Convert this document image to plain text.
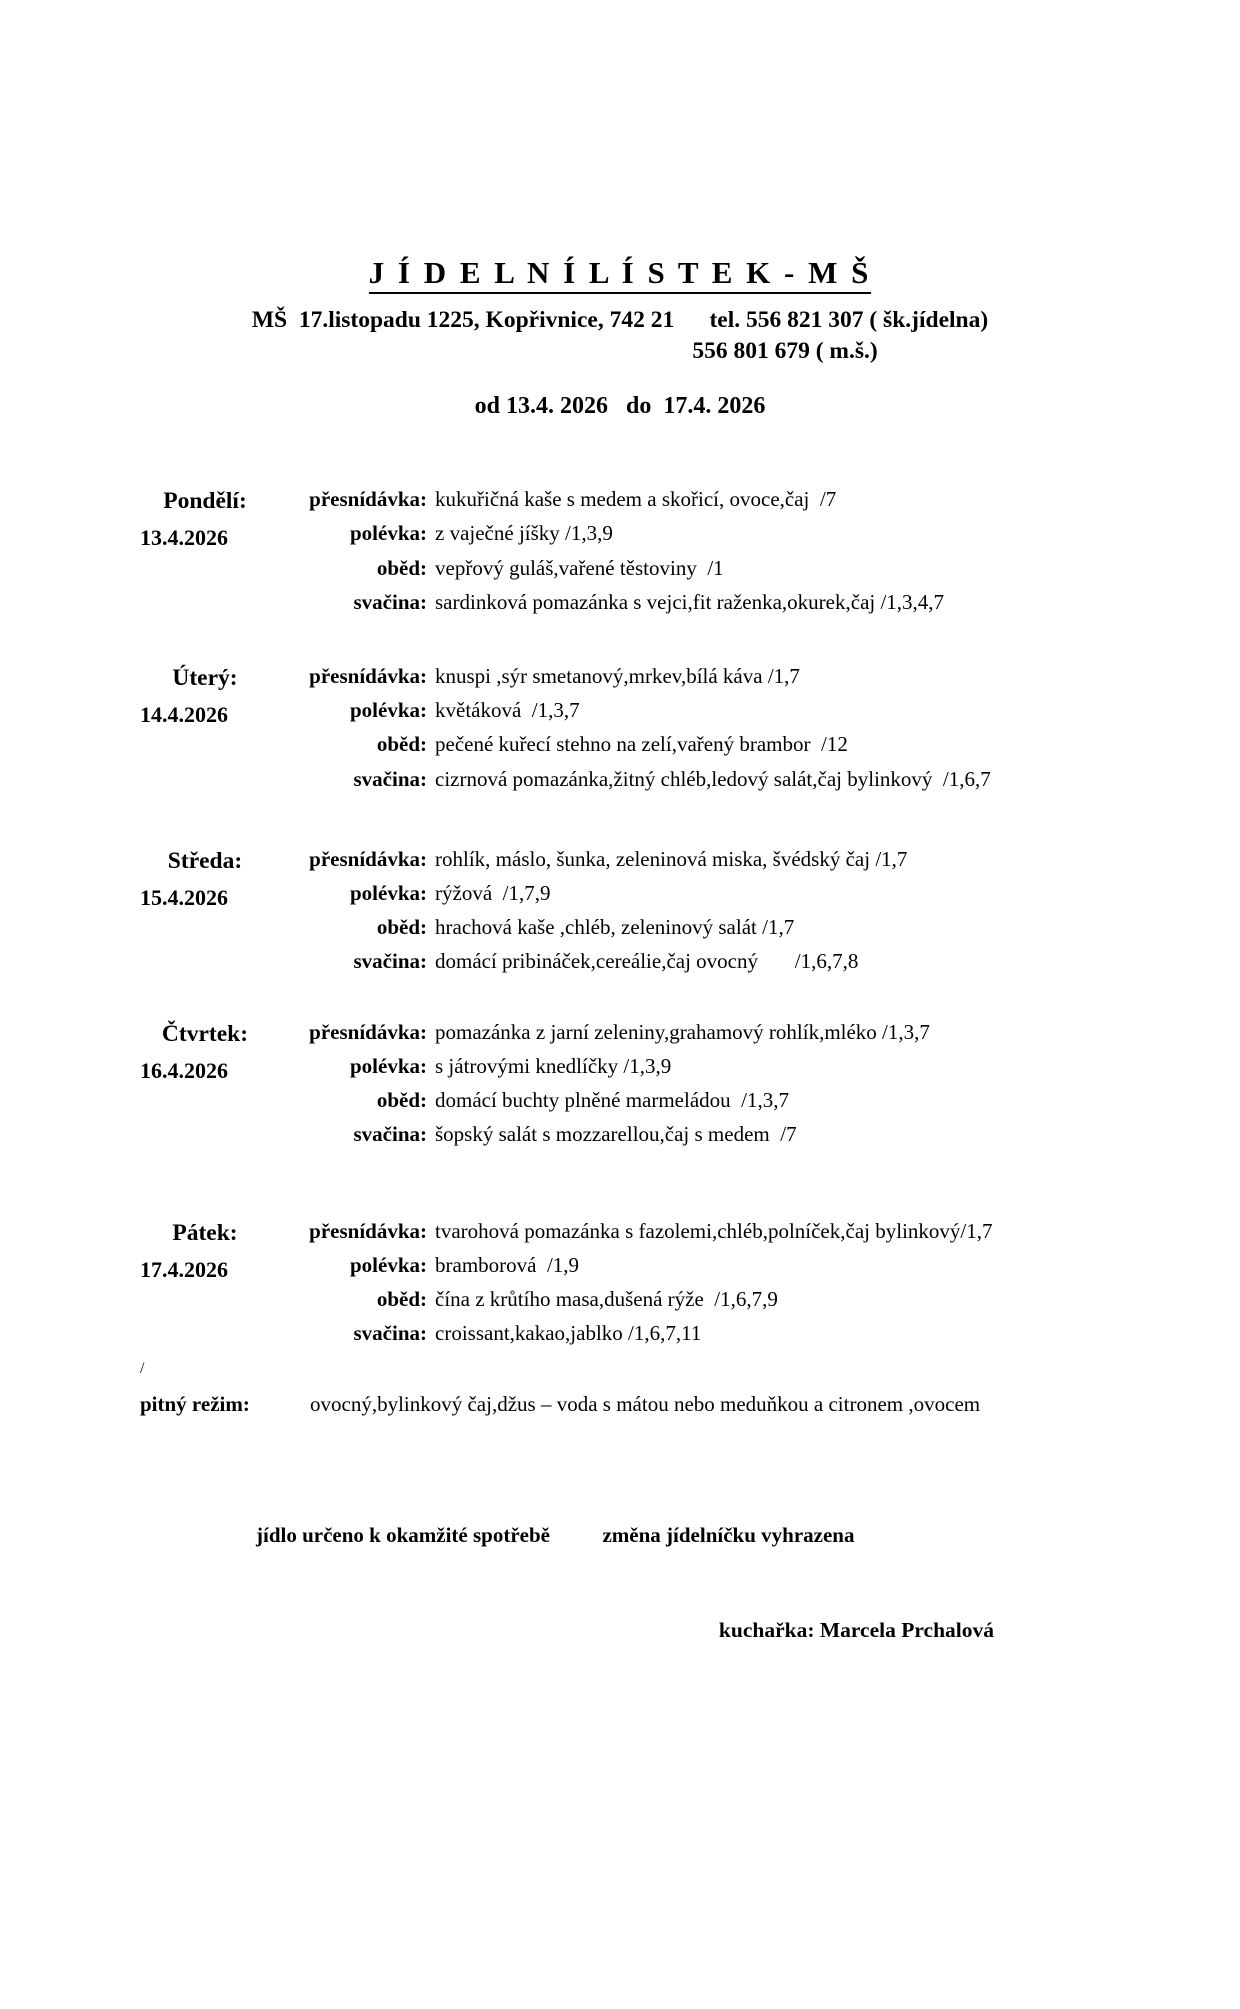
J Í D E L N Í L Í S T E K - M Š
MŠ  17.listopadu 1225, Kopřivnice, 742 21      tel. 556 821 307 ( šk.jídelna)
556 801 679 ( m.š.)
od 13.4. 2026   do  17.4. 2026
Pondělí:
13.4.2026
přesnídávka: kukuřičná kaše s medem a skořicí, ovoce,čaj  /7
polévka: z vaječné jíšky /1,3,9
oběd: vepřový guláš,vařené těstoviny  /1
svačina: sardinková pomazánka s vejci,fit raženka,okurek,čaj /1,3,4,7
Úterý:
14.4.2026
přesnídávka: knuspi ,sýr smetanový,mrkev,bílá káva /1,7
polévka: květáková  /1,3,7
oběd: pečené kuřecí stehno na zelí,vařený brambor  /12
svačina: cizrnová pomazánka,žitný chléb,ledový salát,čaj bylinkový  /1,6,7
Středa:
15.4.2026
přesnídávka: rohlík, máslo, šunka, zeleninová miska, švédský čaj /1,7
polévka: rýžová  /1,7,9
oběd: hrachová kaše ,chléb, zeleninový salát /1,7
svačina: domácí pribináček,cereálie,čaj ovocný       /1,6,7,8
Čtvrtek:
16.4.2026
přesnídávka: pomazánka z jarní zeleniny,grahamový rohlík,mléko /1,3,7
polévka: s játrovými knedlíčky /1,3,9
oběd: domácí buchty plněné marmeládou  /1,3,7
svačina: šopský salát s mozzarellou,čaj s medem  /7
Pátek:
17.4.2026
přesnídávka: tvarohová pomazánka s fazolemi,chléb,polníček,čaj bylinkový/1,7
polévka: bramborová  /1,9
oběd: čína z krůtího masa,dušená rýže  /1,6,7,9
svačina: croissant,kakao,jablko /1,6,7,11
/
pitný režim:	ovocný,bylinkový čaj,džus – voda s mátou nebo meduňkou a citronem ,ovocem
jídlo určeno k okamžité spotřebě          změna jídelníčku vyhrazena
kuchařka: Marcela Prchalová
